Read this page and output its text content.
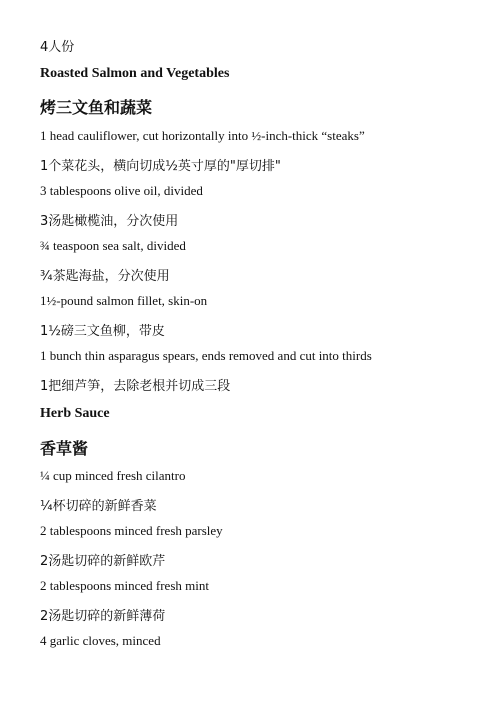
4人份
Roasted Salmon and Vegetables
烤三文鱼和蔬菜
1 head cauliflower, cut horizontally into ½-inch-thick “steaks”
1个菜花头，横向切成½英寸厚的"厚切排"
3 tablespoons olive oil, divided
3汤匙橄榄油，分次使用
¾ teaspoon sea salt, divided
¾茶匙海盐，分次使用
1½-pound salmon fillet, skin-on
1½磅三文鱼柳，带皮
1 bunch thin asparagus spears, ends removed and cut into thirds
1把细芦笋，去除老根并切成三段
Herb Sauce
香草酱
¼ cup minced fresh cilantro
¼杯切碎的新鲜香菜
2 tablespoons minced fresh parsley
2汤匙切碎的新鲜欧芹
2 tablespoons minced fresh mint
2汤匙切碎的新鲜薄荷
4 garlic cloves, minced
